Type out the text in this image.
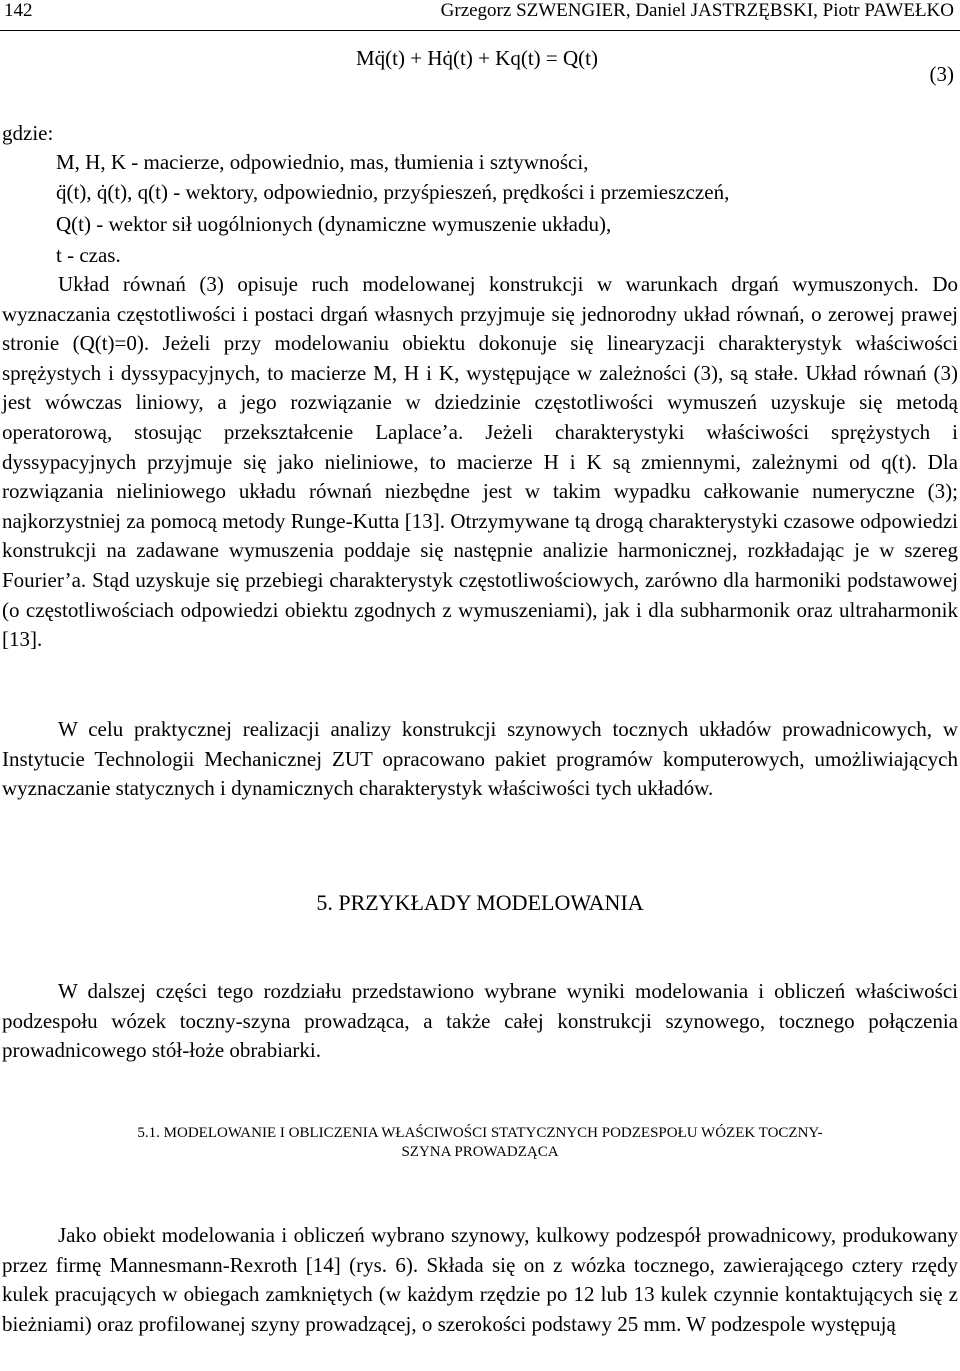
142	Grzegorz SZWENGIER, Daniel JASTRZĘBSKI, Piotr PAWEŁKO
Mq̈(t) + Hq̇(t) + Kq(t) = Q(t)
(3)
gdzie:
M, H, K - macierze, odpowiednio, mas, tłumienia i sztywności,
q̈(t), q̇(t), q(t) - wektory, odpowiednio, przyśpieszeń, prędkości i przemieszczeń,
Q(t) - wektor sił uogólnionych (dynamiczne wymuszenie układu),
t - czas.

Układ równań (3) opisuje ruch modelowanej konstrukcji w warunkach drgań wymuszonych. Do wyznaczania częstotliwości i postaci drgań własnych przyjmuje się jednorodny układ równań, o zerowej prawej stronie (Q(t)=0). Jeżeli przy modelowaniu obiektu dokonuje się linearyzacji charakterystyk właściwości sprężystych i dyssypacyjnych, to macierze M, H i K, występujące w zależności (3), są stałe. Układ równań (3) jest wówczas liniowy, a jego rozwiązanie w dziedzinie częstotliwości wymuszeń uzyskuje się metodą operatorową, stosując przekształcenie Laplace’a. Jeżeli charakterystyki właściwości sprężystych i dyssypacyjnych przyjmuje się jako nieliniowe, to macierze H i K są zmiennymi, zależnymi od q(t). Dla rozwiązania nieliniowego układu równań niezbędne jest w takim wypadku całkowanie numeryczne (3); najkorzystniej za pomocą metody Runge-Kutta [13]. Otrzymywane tą drogą charakterystyki czasowe odpowiedzi konstrukcji na zadawane wymuszenia poddaje się następnie analizie harmonicznej, rozkładając je w szereg Fourier’a. Stąd uzyskuje się przebiegi charakterystyk częstotliwościowych, zarówno dla harmoniki podstawowej (o częstotliwościach odpowiedzi obiektu zgodnych z wymuszeniami), jak i dla subharmonik oraz ultraharmonik [13].

W celu praktycznej realizacji analizy konstrukcji szynowych tocznych układów prowadnicowych, w Instytucie Technologii Mechanicznej ZUT opracowano pakiet programów komputerowych, umożliwiających wyznaczanie statycznych i dynamicznych charakterystyk właściwości tych układów.

5. PRZYKŁADY MODELOWANIA

W dalszej części tego rozdziału przedstawiono wybrane wyniki modelowania i obliczeń właściwości podzespołu wózek toczny-szyna prowadząca, a także całej konstrukcji szynowego, tocznego połączenia prowadnicowego stół-łoże obrabiarki.

5.1. MODELOWANIE I OBLICZENIA WŁAŚCIWOŚCI STATYCZNYCH PODZESPOŁU WÓZEK TOCZNY-
SZYNA PROWADZĄCA

Jako obiekt modelowania i obliczeń wybrano szynowy, kulkowy podzespół prowadnicowy, produkowany przez firmę Mannesmann-Rexroth [14] (rys. 6). Składa się on z wózka tocznego, zawierającego cztery rzędy kulek pracujących w obiegach zamkniętych (w każdym rzędzie po 12 lub 13 kulek czynnie kontaktujących się z bieżniami) oraz profilowanej szyny prowadzącej, o szerokości podstawy 25 mm. W podzespole występują
